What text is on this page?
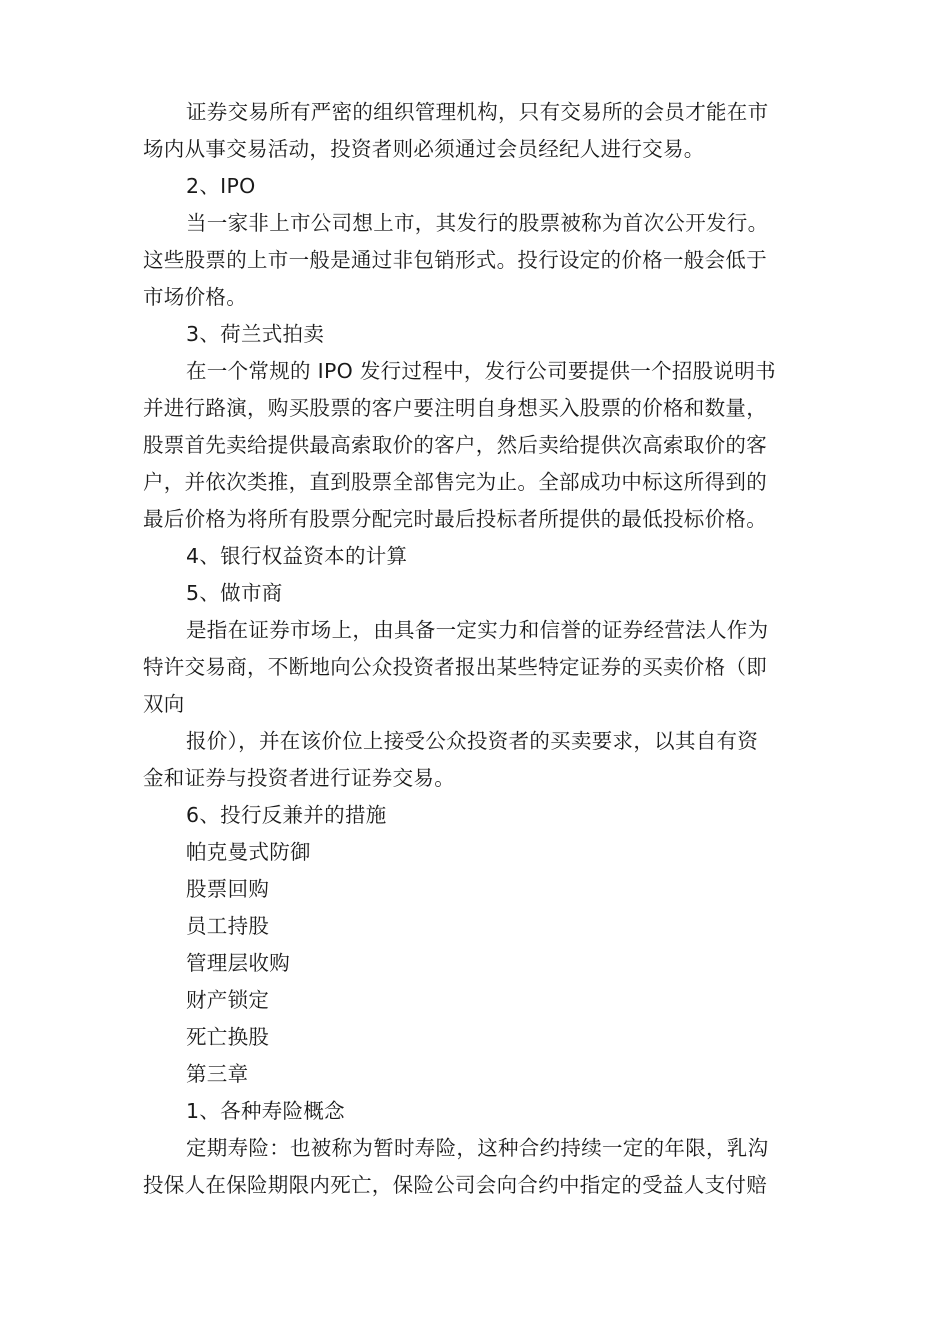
证券交易所有严密的组织管理机构，只有交易所的会员才能在市
场内从事交易活动，投资者则必须通过会员经纪人进行交易。
2、IPO
当一家非上市公司想上市，其发行的股票被称为首次公开发行。
这些股票的上市一般是通过非包销形式。投行设定的价格一般会低于
市场价格。
3、荷兰式拍卖
在一个常规的 IPO 发行过程中，发行公司要提供一个招股说明书
并进行路演，购买股票的客户要注明自身想买入股票的价格和数量，
股票首先卖给提供最高索取价的客户，然后卖给提供次高索取价的客
户，并依次类推，直到股票全部售完为止。全部成功中标这所得到的
最后价格为将所有股票分配完时最后投标者所提供的最低投标价格。
4、银行权益资本的计算
5、做市商
是指在证券市场上，由具备一定实力和信誉的证券经营法人作为
特许交易商，不断地向公众投资者报出某些特定证券的买卖价格（即
双向
报价），并在该价位上接受公众投资者的买卖要求，以其自有资
金和证券与投资者进行证券交易。
6、投行反兼并的措施
帕克曼式防御
股票回购
员工持股
管理层收购
财产锁定
死亡换股
第三章
1、各种寿险概念
定期寿险：也被称为暂时寿险，这种合约持续一定的年限，乳沟
投保人在保险期限内死亡，保险公司会向合约中指定的受益人支付赔
